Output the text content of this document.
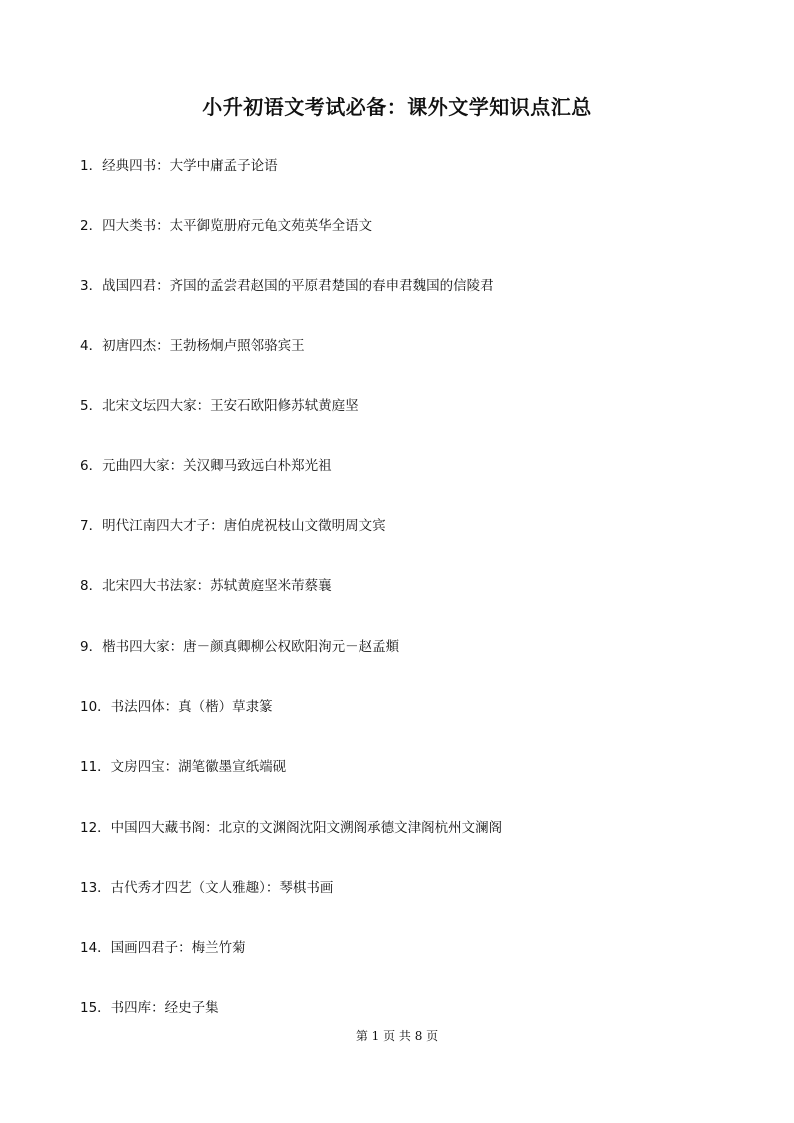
小升初语文考试必备：课外文学知识点汇总
1．经典四书：大学中庸孟子论语
2．四大类书：太平御览册府元龟文苑英华全语文
3．战国四君：齐国的孟尝君赵国的平原君楚国的春申君魏国的信陵君
4．初唐四杰：王勃杨炯卢照邻骆宾王
5．北宋文坛四大家：王安石欧阳修苏轼黄庭坚
6．元曲四大家：关汉卿马致远白朴郑光祖
7．明代江南四大才子：唐伯虎祝枝山文徵明周文宾
8．北宋四大书法家：苏轼黄庭坚米芾蔡襄
9．楷书四大家：唐－颜真卿柳公权欧阳洵元－赵孟頫
10．书法四体：真（楷）草隶篆
11．文房四宝：湖笔徽墨宣纸端砚
12．中国四大藏书阁：北京的文渊阁沈阳文溯阁承德文津阁杭州文澜阁
13．古代秀才四艺（文人雅趣）：琴棋书画
14．国画四君子：梅兰竹菊
15．书四库：经史子集
第 1 页 共 8 页
